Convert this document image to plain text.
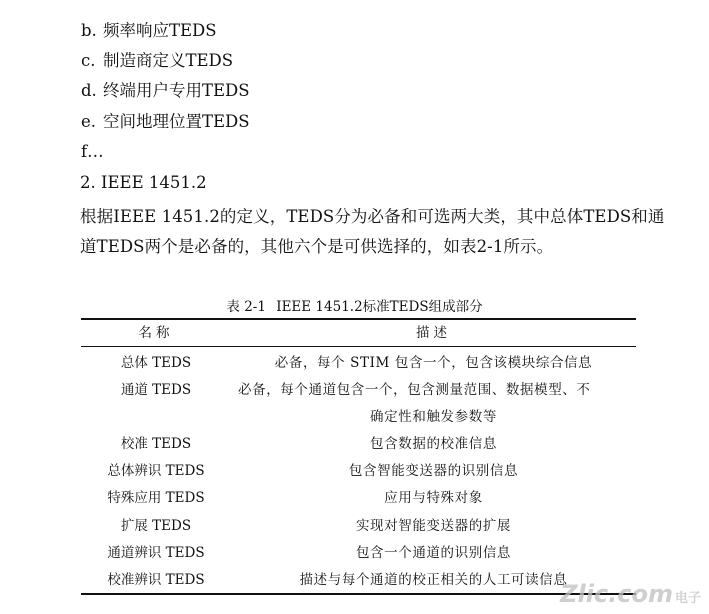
b. 频率响应TEDS
c. 制造商定义TEDS
d. 终端用户专用TEDS
e. 空间地理位置TEDS
f…
2. IEEE 1451.2
根据IEEE 1451.2的定义，TEDS分为必备和可选两大类，其中总体TEDS和通
道TEDS两个是必备的，其他六个是可供选择的，如表2-1所示。
表 2-1 IEEE 1451.2标准TEDS组成部分
名称	描述
总体 TEDS	必备，每个 STIM 包含一个，包含该模块综合信息
通道 TEDS	必备，每个通道包含一个，包含测量范围、数据模型、不
确定性和触发参数等
校准 TEDS	包含数据的校准信息
总体辨识 TEDS	包含智能变送器的识别信息
特殊应用 TEDS	应用与特殊对象
扩展 TEDS	实现对智能变送器的扩展
通道辨识 TEDS	包含一个通道的识别信息
校准辨识 TEDS	描述与每个通道的校正相关的人工可读信息
Zlic.com 电子
